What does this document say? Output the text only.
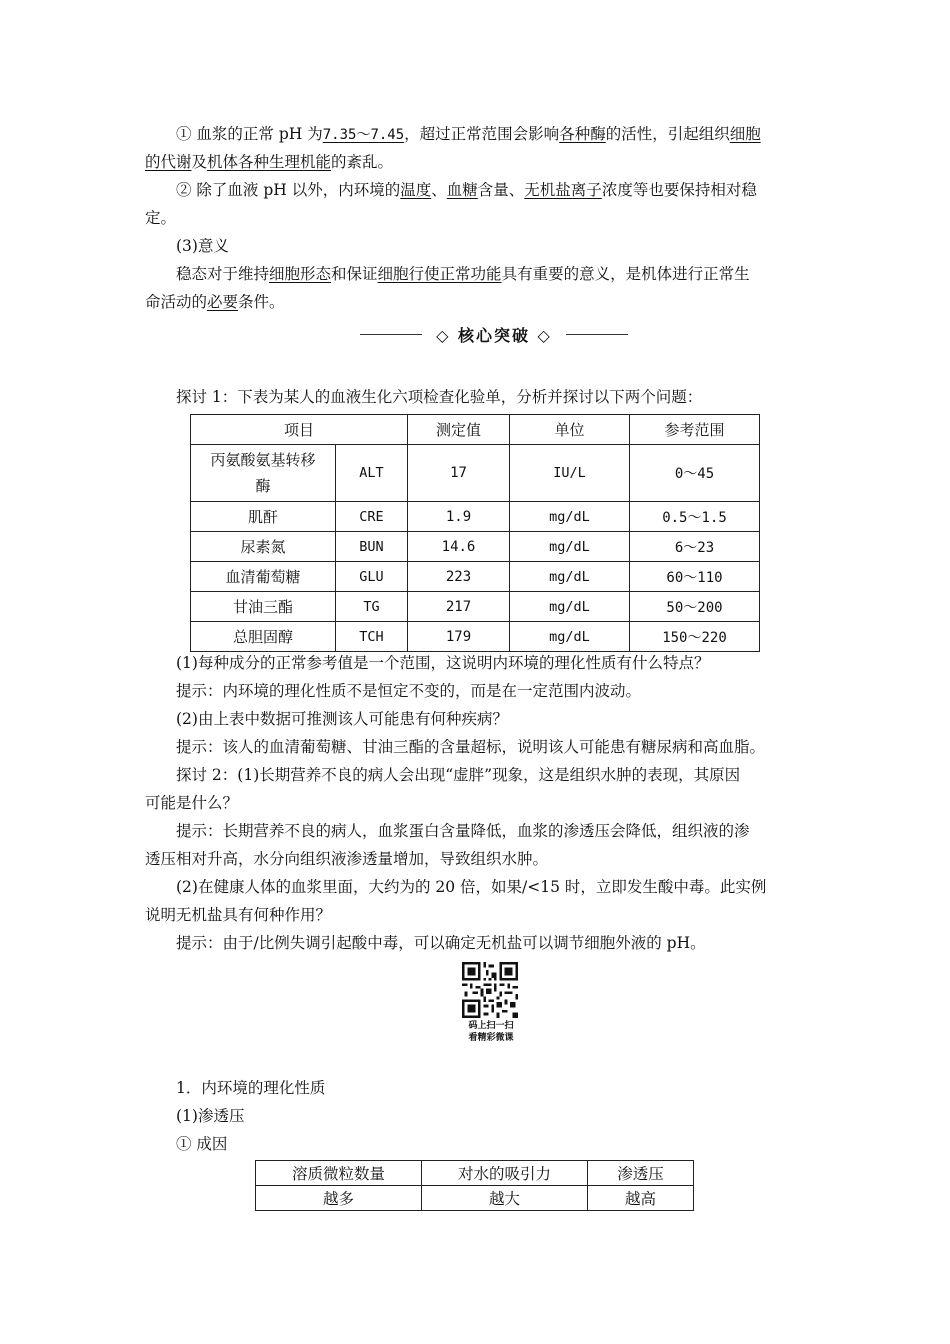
① 血浆的正常 pH 为7.35～7.45，超过正常范围会影响各种酶的活性，引起组织细胞
的代谢及机体各种生理机能的紊乱。
② 除了血液 pH 以外，内环境的温度、血糖含量、无机盐离子浓度等也要保持相对稳
定。
(3)意义
稳态对于维持细胞形态和保证细胞行使正常功能具有重要的意义，是机体进行正常生
命活动的必要条件。
◇ 核心突破 ◇
探讨 1：下表为某人的血液生化六项检查化验单，分析并探讨以下两个问题：
项目		测定值	单位	参考范围
丙氨酸氨基转移
酶	ALT	17	IU/L	0～45
肌酐	CRE	1.9	mg/dL	0.5～1.5
尿素氮	BUN	14.6	mg/dL	6～23
血清葡萄糖	GLU	223	mg/dL	60～110
甘油三酯	TG	217	mg/dL	50～200
总胆固醇	TCH	179	mg/dL	150～220
(1)每种成分的正常参考值是一个范围，这说明内环境的理化性质有什么特点？
提示：内环境的理化性质不是恒定不变的，而是在一定范围内波动。
(2)由上表中数据可推测该人可能患有何种疾病？
提示：该人的血清葡萄糖、甘油三酯的含量超标，说明该人可能患有糖尿病和高血脂。
探讨 2：(1)长期营养不良的病人会出现“虚胖”现象，这是组织水肿的表现，其原因
可能是什么？
提示：长期营养不良的病人，血浆蛋白含量降低，血浆的渗透压会降低，组织液的渗
透压相对升高，水分向组织液渗透量增加，导致组织水肿。
(2)在健康人体的血浆里面，大约为的 20 倍，如果/<15 时，立即发生酸中毒。此实例
说明无机盐具有何种作用？
提示：由于/比例失调引起酸中毒，可以确定无机盐可以调节细胞外液的 pH。
码上扫一扫
看精彩微课
1．内环境的理化性质
(1)渗透压
① 成因
溶质微粒数量	对水的吸引力	渗透压
越多	越大	越高
